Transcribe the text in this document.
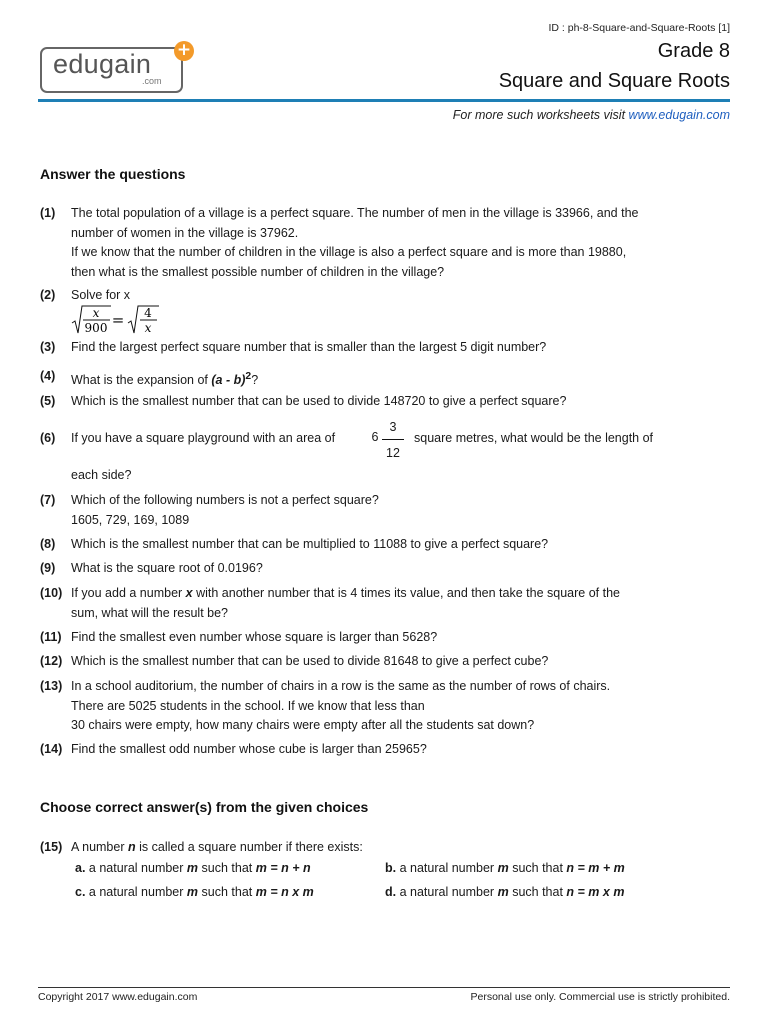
ID : ph-8-Square-and-Square-Roots [1]
edugain
.com
+	Grade 8
Square and Square Roots
For more such worksheets visit www.edugain.com
Answer the questions
(1) The total population of a village is a perfect square. The number of men in the village is 33966, and the
number of women in the village is 37962.
If we know that the number of children in the village is also a perfect square and is more than 19880,
then what is the smallest possible number of children in the village?
(2) Solve for x
x
900 = 4
x
(3) Find the largest perfect square number that is smaller than the largest 5 digit number?
(4) What is the expansion of (a - b)$^2$?
(5) Which is the smallest number that can be used to divide 148720 to give a perfect square?
(6) If you have a square playground with an area of	6
3
12
square metres, what would be the length of
each side?
(7) Which of the following numbers is not a perfect square?
1605, 729, 169, 1089
(8) Which is the smallest number that can be multiplied to 11088 to give a perfect square?
(9) What is the square root of 0.0196?
(10) If you add a number x with another number that is 4 times its value, and then take the square of the
sum, what will the result be?
(11) Find the smallest even number whose square is larger than 5628?
(12) Which is the smallest number that can be used to divide 81648 to give a perfect cube?
(13) In a school auditorium, the number of chairs in a row is the same as the number of rows of chairs.
There are 5025 students in the school. If we know that less than
30 chairs were empty, how many chairs were empty after all the students sat down?
(14) Find the smallest odd number whose cube is larger than 25965?
Choose correct answer(s) from the given choices
(15) A number n is called a square number if there exists:
a. a natural number m such that m = n + n	b. a natural number m such that n = m + m
c. a natural number m such that m = n x m	d. a natural number m such that n = m x m
Copyright 2017 www.edugain.com	Personal use only. Commercial use is strictly prohibited.
